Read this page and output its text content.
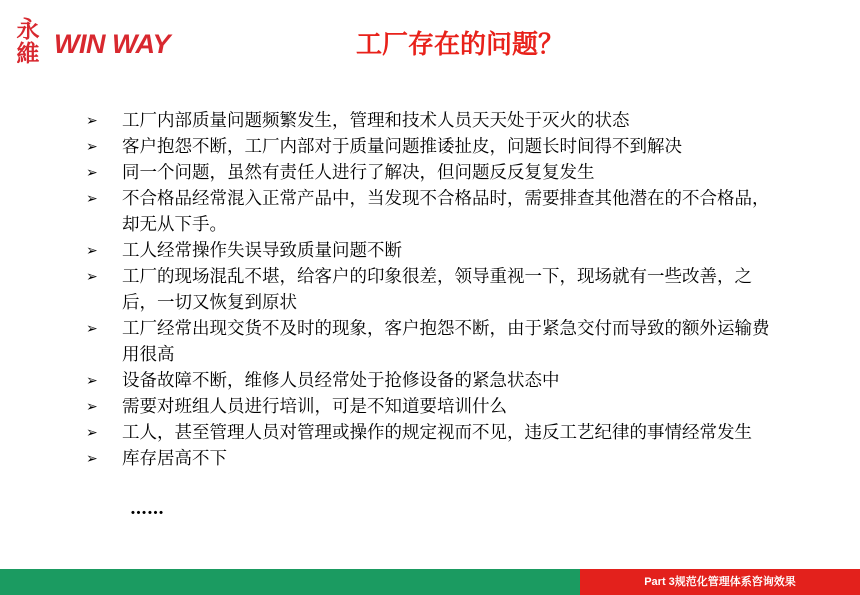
永
維 WIN WAY	工厂存在的问题？
➢ 工厂内部质量问题频繁发生，管理和技术人员天天处于灭火的状态
➢ 客户抱怨不断，工厂内部对于质量问题推诿扯皮，问题长时间得不到解决
➢ 同一个问题，虽然有责任人进行了解决，但问题反反复复发生
➢ 不合格品经常混入正常产品中，当发现不合格品时，需要排查其他潜在的不合格品，却无从下手。
➢ 工人经常操作失误导致质量问题不断
➢ 工厂的现场混乱不堪，给客户的印象很差，领导重视一下，现场就有一些改善，之后，一切又恢复到原状
➢ 工厂经常出现交货不及时的现象，客户抱怨不断，由于紧急交付而导致的额外运输费用很高
➢ 设备故障不断，维修人员经常处于抢修设备的紧急状态中
➢ 需要对班组人员进行培训，可是不知道要培训什么
➢ 工人，甚至管理人员对管理或操作的规定视而不见，违反工艺纪律的事情经常发生
➢ 库存居高不下
……
Part 3规范化管理体系咨询效果
